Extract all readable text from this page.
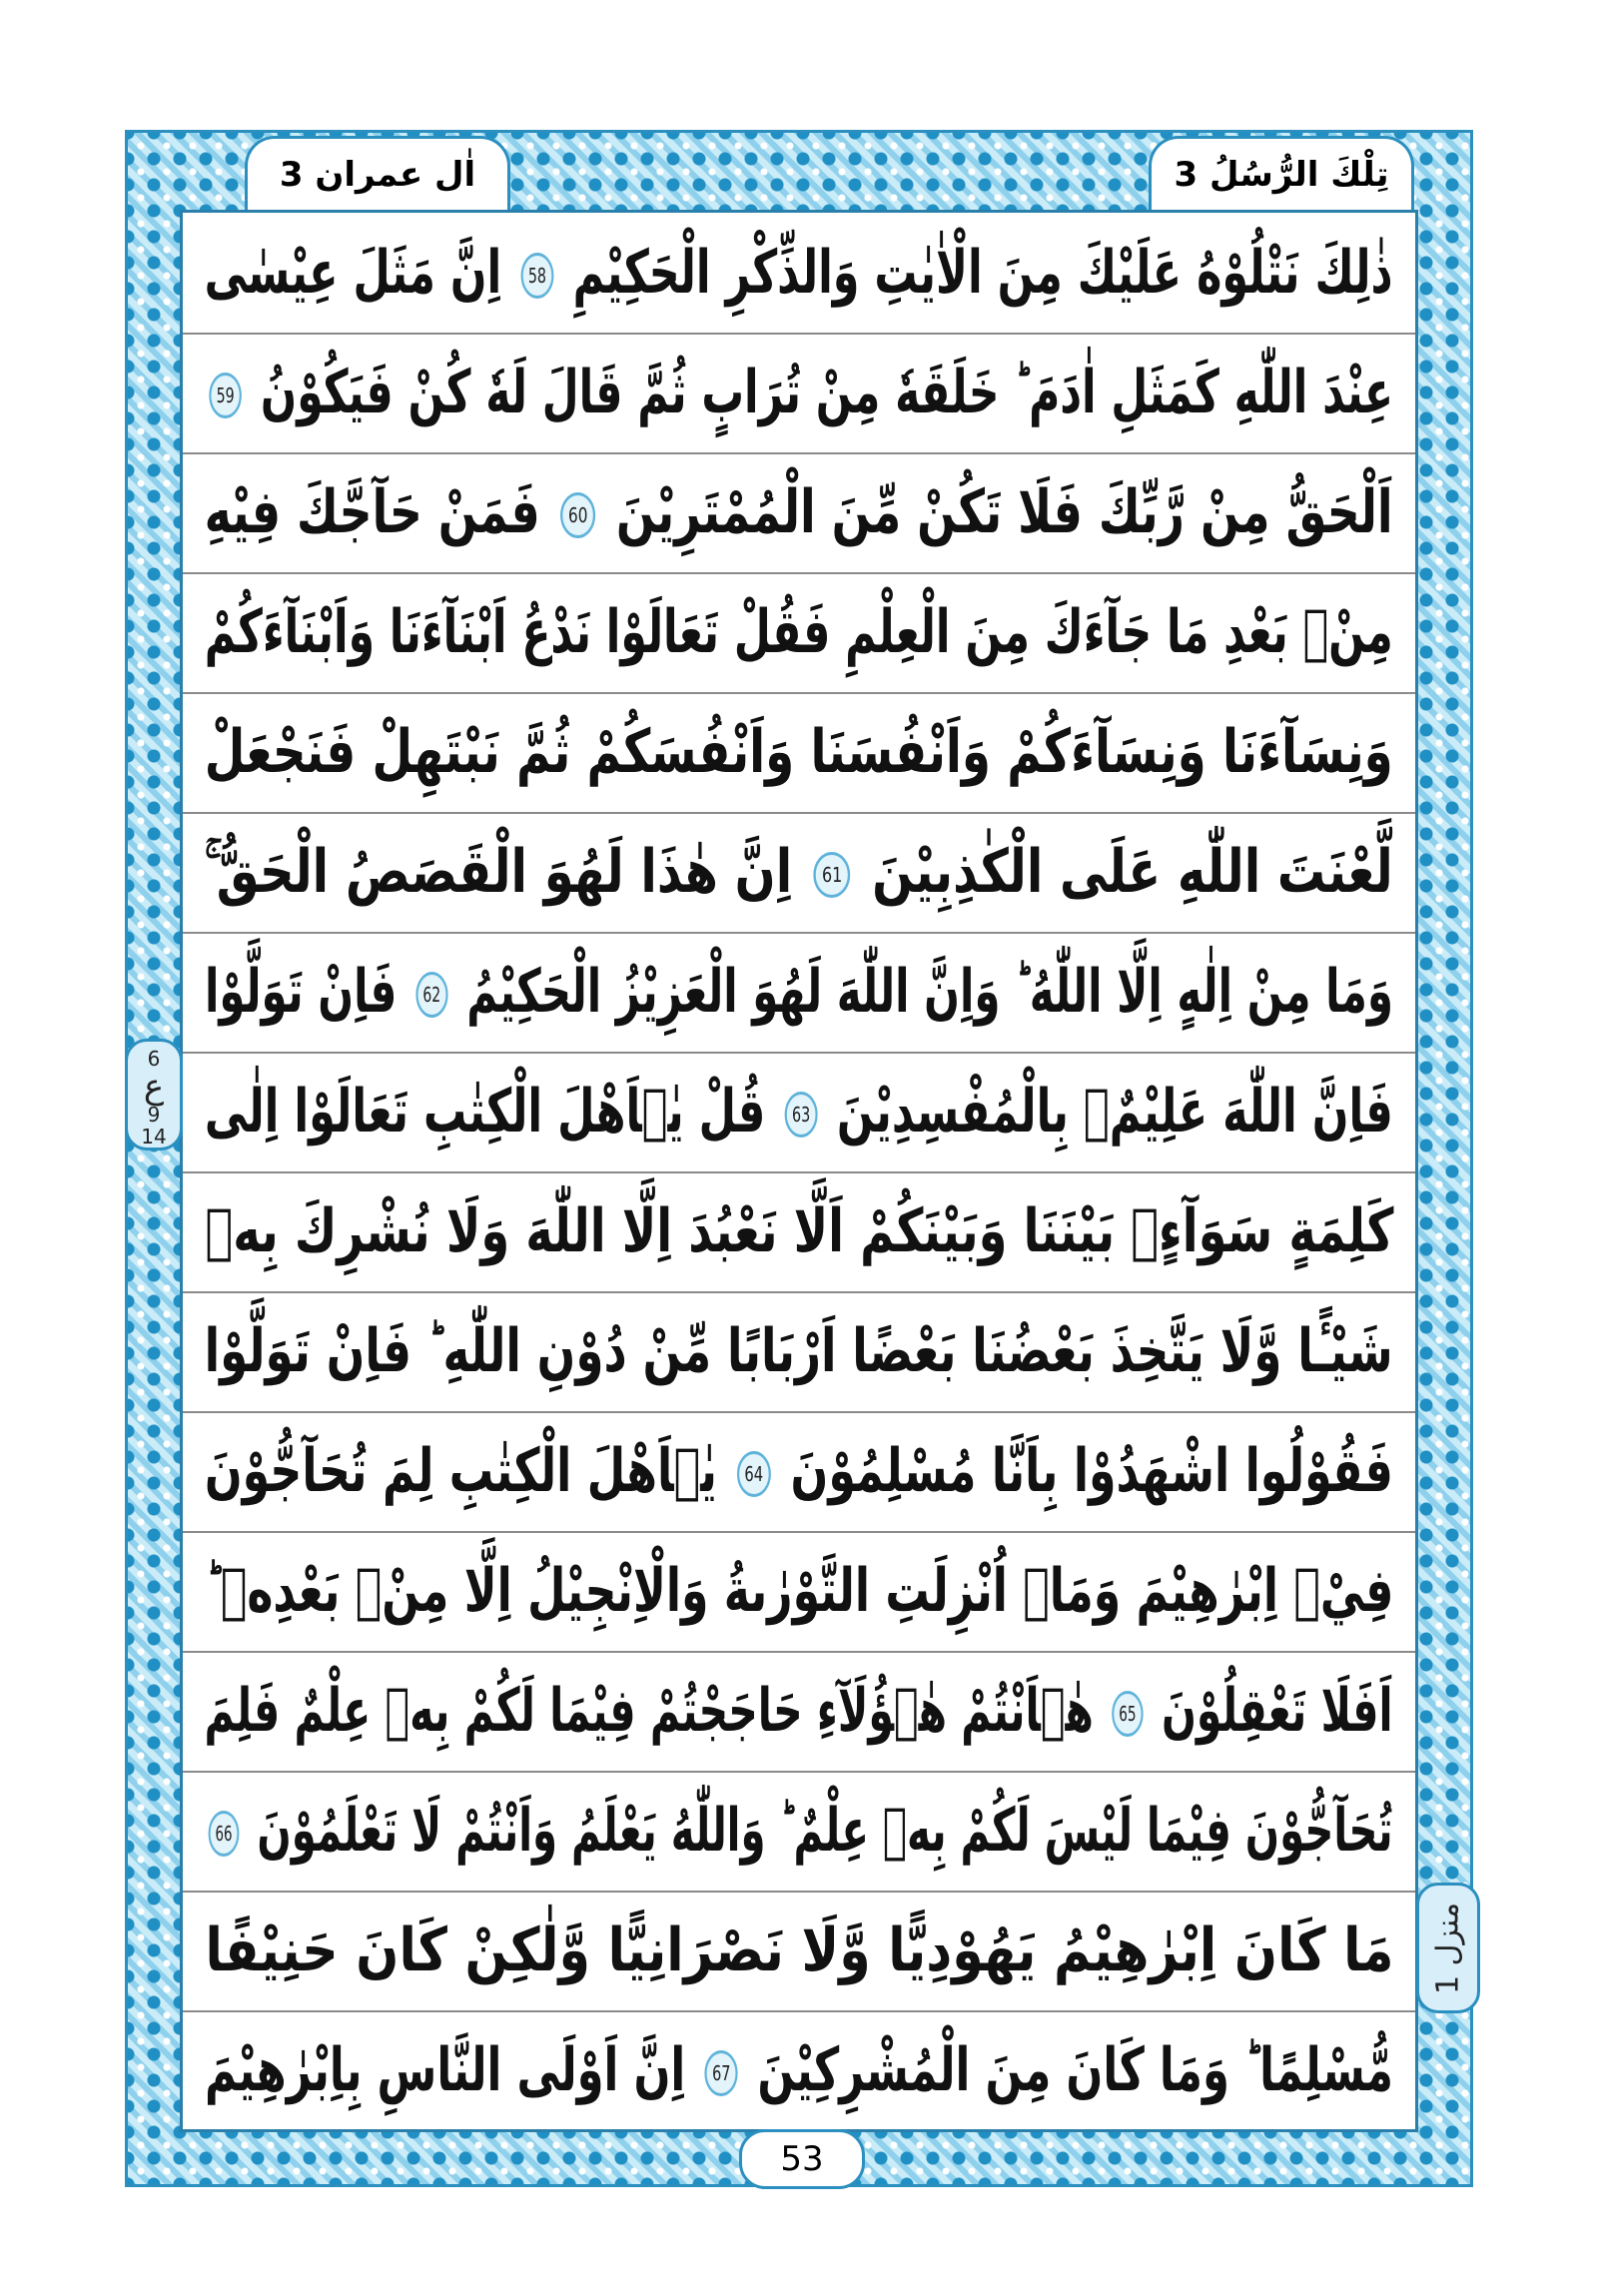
اٰل عمران 3	تِلْكَ الرُّسُلُ 3
ذٰلِكَ نَتْلُوْهُ عَلَيْكَ مِنَ الْاٰيٰتِ وَالذِّكْرِ الْحَكِيْمِ 58 اِنَّ مَثَلَ عِيْسٰى
عِنْدَ اللّٰهِ كَمَثَلِ اٰدَمَ ؕ خَلَقَهٗ مِنْ تُرَابٍ ثُمَّ قَالَ لَهٗ كُنْ فَيَكُوْنُ 59
اَلْحَقُّ مِنْ رَّبِّكَ فَلَا تَكُنْ مِّنَ الْمُمْتَرِيْنَ 60 فَمَنْ حَآجَّكَ فِيْهِ
مِنْۢ بَعْدِ مَا جَآءَكَ مِنَ الْعِلْمِ فَقُلْ تَعَالَوْا نَدْعُ اَبْنَآءَنَا وَاَبْنَآءَكُمْ
وَنِسَآءَنَا وَنِسَآءَكُمْ وَاَنْفُسَنَا وَاَنْفُسَكُمْ ثُمَّ نَبْتَهِلْ فَنَجْعَلْ
لَّعْنَتَ اللّٰهِ عَلَى الْكٰذِبِيْنَ 61 اِنَّ هٰذَا لَهُوَ الْقَصَصُ الْحَقُّ ۚ
وَمَا مِنْ اِلٰهٍ اِلَّا اللّٰهُ ؕ وَاِنَّ اللّٰهَ لَهُوَ الْعَزِيْزُ الْحَكِيْمُ 62 فَاِنْ تَوَلَّوْا
فَاِنَّ اللّٰهَ عَلِيْمٌۢ بِالْمُفْسِدِيْنَ 63 قُلْ يٰۤاَهْلَ الْكِتٰبِ تَعَالَوْا اِلٰى
كَلِمَةٍ سَوَآءٍۢ بَيْنَنَا وَبَيْنَكُمْ اَلَّا نَعْبُدَ اِلَّا اللّٰهَ وَلَا نُشْرِكَ بِهٖ
شَيْـًٔا وَّلَا يَتَّخِذَ بَعْضُنَا بَعْضًا اَرْبَابًا مِّنْ دُوْنِ اللّٰهِ ؕ فَاِنْ تَوَلَّوْا
فَقُوْلُوا اشْهَدُوْا بِاَنَّا مُسْلِمُوْنَ 64 يٰۤاَهْلَ الْكِتٰبِ لِمَ تُحَآجُّوْنَ
فِيْۤ اِبْرٰهِيْمَ وَمَاۤ اُنْزِلَتِ التَّوْرٰىةُ وَالْاِنْجِيْلُ اِلَّا مِنْۢ بَعْدِهٖ ؕ
اَفَلَا تَعْقِلُوْنَ 65 هٰۤاَنْتُمْ هٰۤؤُلَآءِ حَاجَجْتُمْ فِيْمَا لَكُمْ بِهٖ عِلْمٌ فَلِمَ
تُحَآجُّوْنَ فِيْمَا لَيْسَ لَكُمْ بِهٖ عِلْمٌ ؕ وَاللّٰهُ يَعْلَمُ وَاَنْتُمْ لَا تَعْلَمُوْنَ 66
مَا كَانَ اِبْرٰهِيْمُ يَهُوْدِيًّا وَّلَا نَصْرَانِيًّا وَّلٰكِنْ كَانَ حَنِيْفًا
مُّسْلِمًا ؕ وَمَا كَانَ مِنَ الْمُشْرِكِيْنَ 67 اِنَّ اَوْلَى النَّاسِ بِاِبْرٰهِيْمَ
6
ع
9
14
منزل 1
53
